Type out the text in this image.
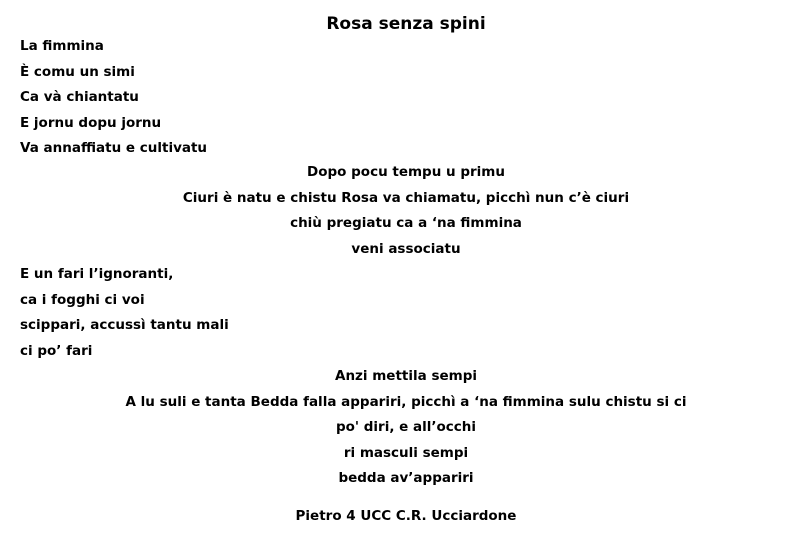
Rosa senza spini
La fimmina
È comu un simi
Ca và chiantatu
E jornu dopu jornu
Va annaffiatu e cultivatu
Dopo pocu tempu u primu
Ciuri è natu e chistu Rosa va chiamatu, picchì nun c’è ciuri
chiù pregiatu ca a ‘na fimmina
veni associatu
E un fari l’ignoranti,
ca i fogghi ci voi
scippari, accussì tantu mali
ci po’ fari
Anzi mettila sempi
A lu suli e tanta Bedda falla appariri, picchì a ‘na fimmina sulu chistu si ci
po' diri, e all’occhi
ri masculi sempi
bedda av’appariri
Pietro 4 UCC C.R. Ucciardone
